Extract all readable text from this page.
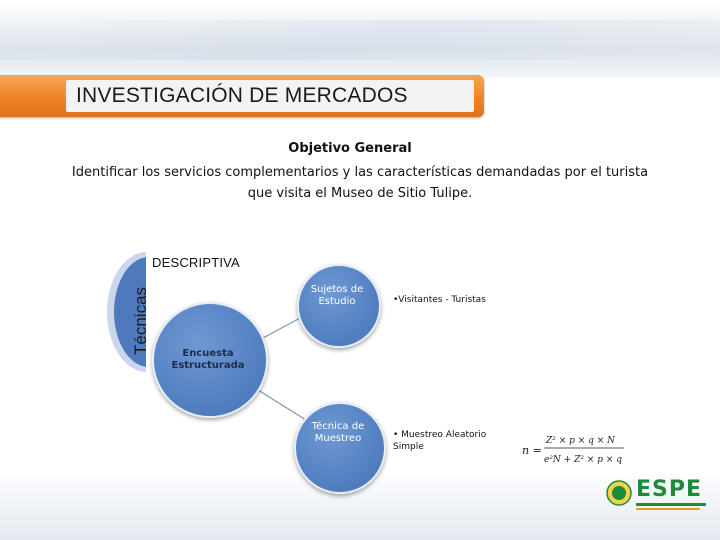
INVESTIGACIÓN DE MERCADOS
Objetivo General
Identificar los servicios complementarios y las características demandadas por el turista que visita el Museo de Sitio Tulipe.
Técnicas
DESCRIPTIVA
Encuesta Estructurada
Sujetos de Estudio	•Visitantes - Turistas
Técnica de Muestreo	• Muestreo Aleatorio Simple	n =
Z² × p × q × N
e²N + Z² × p × q
ESPE
